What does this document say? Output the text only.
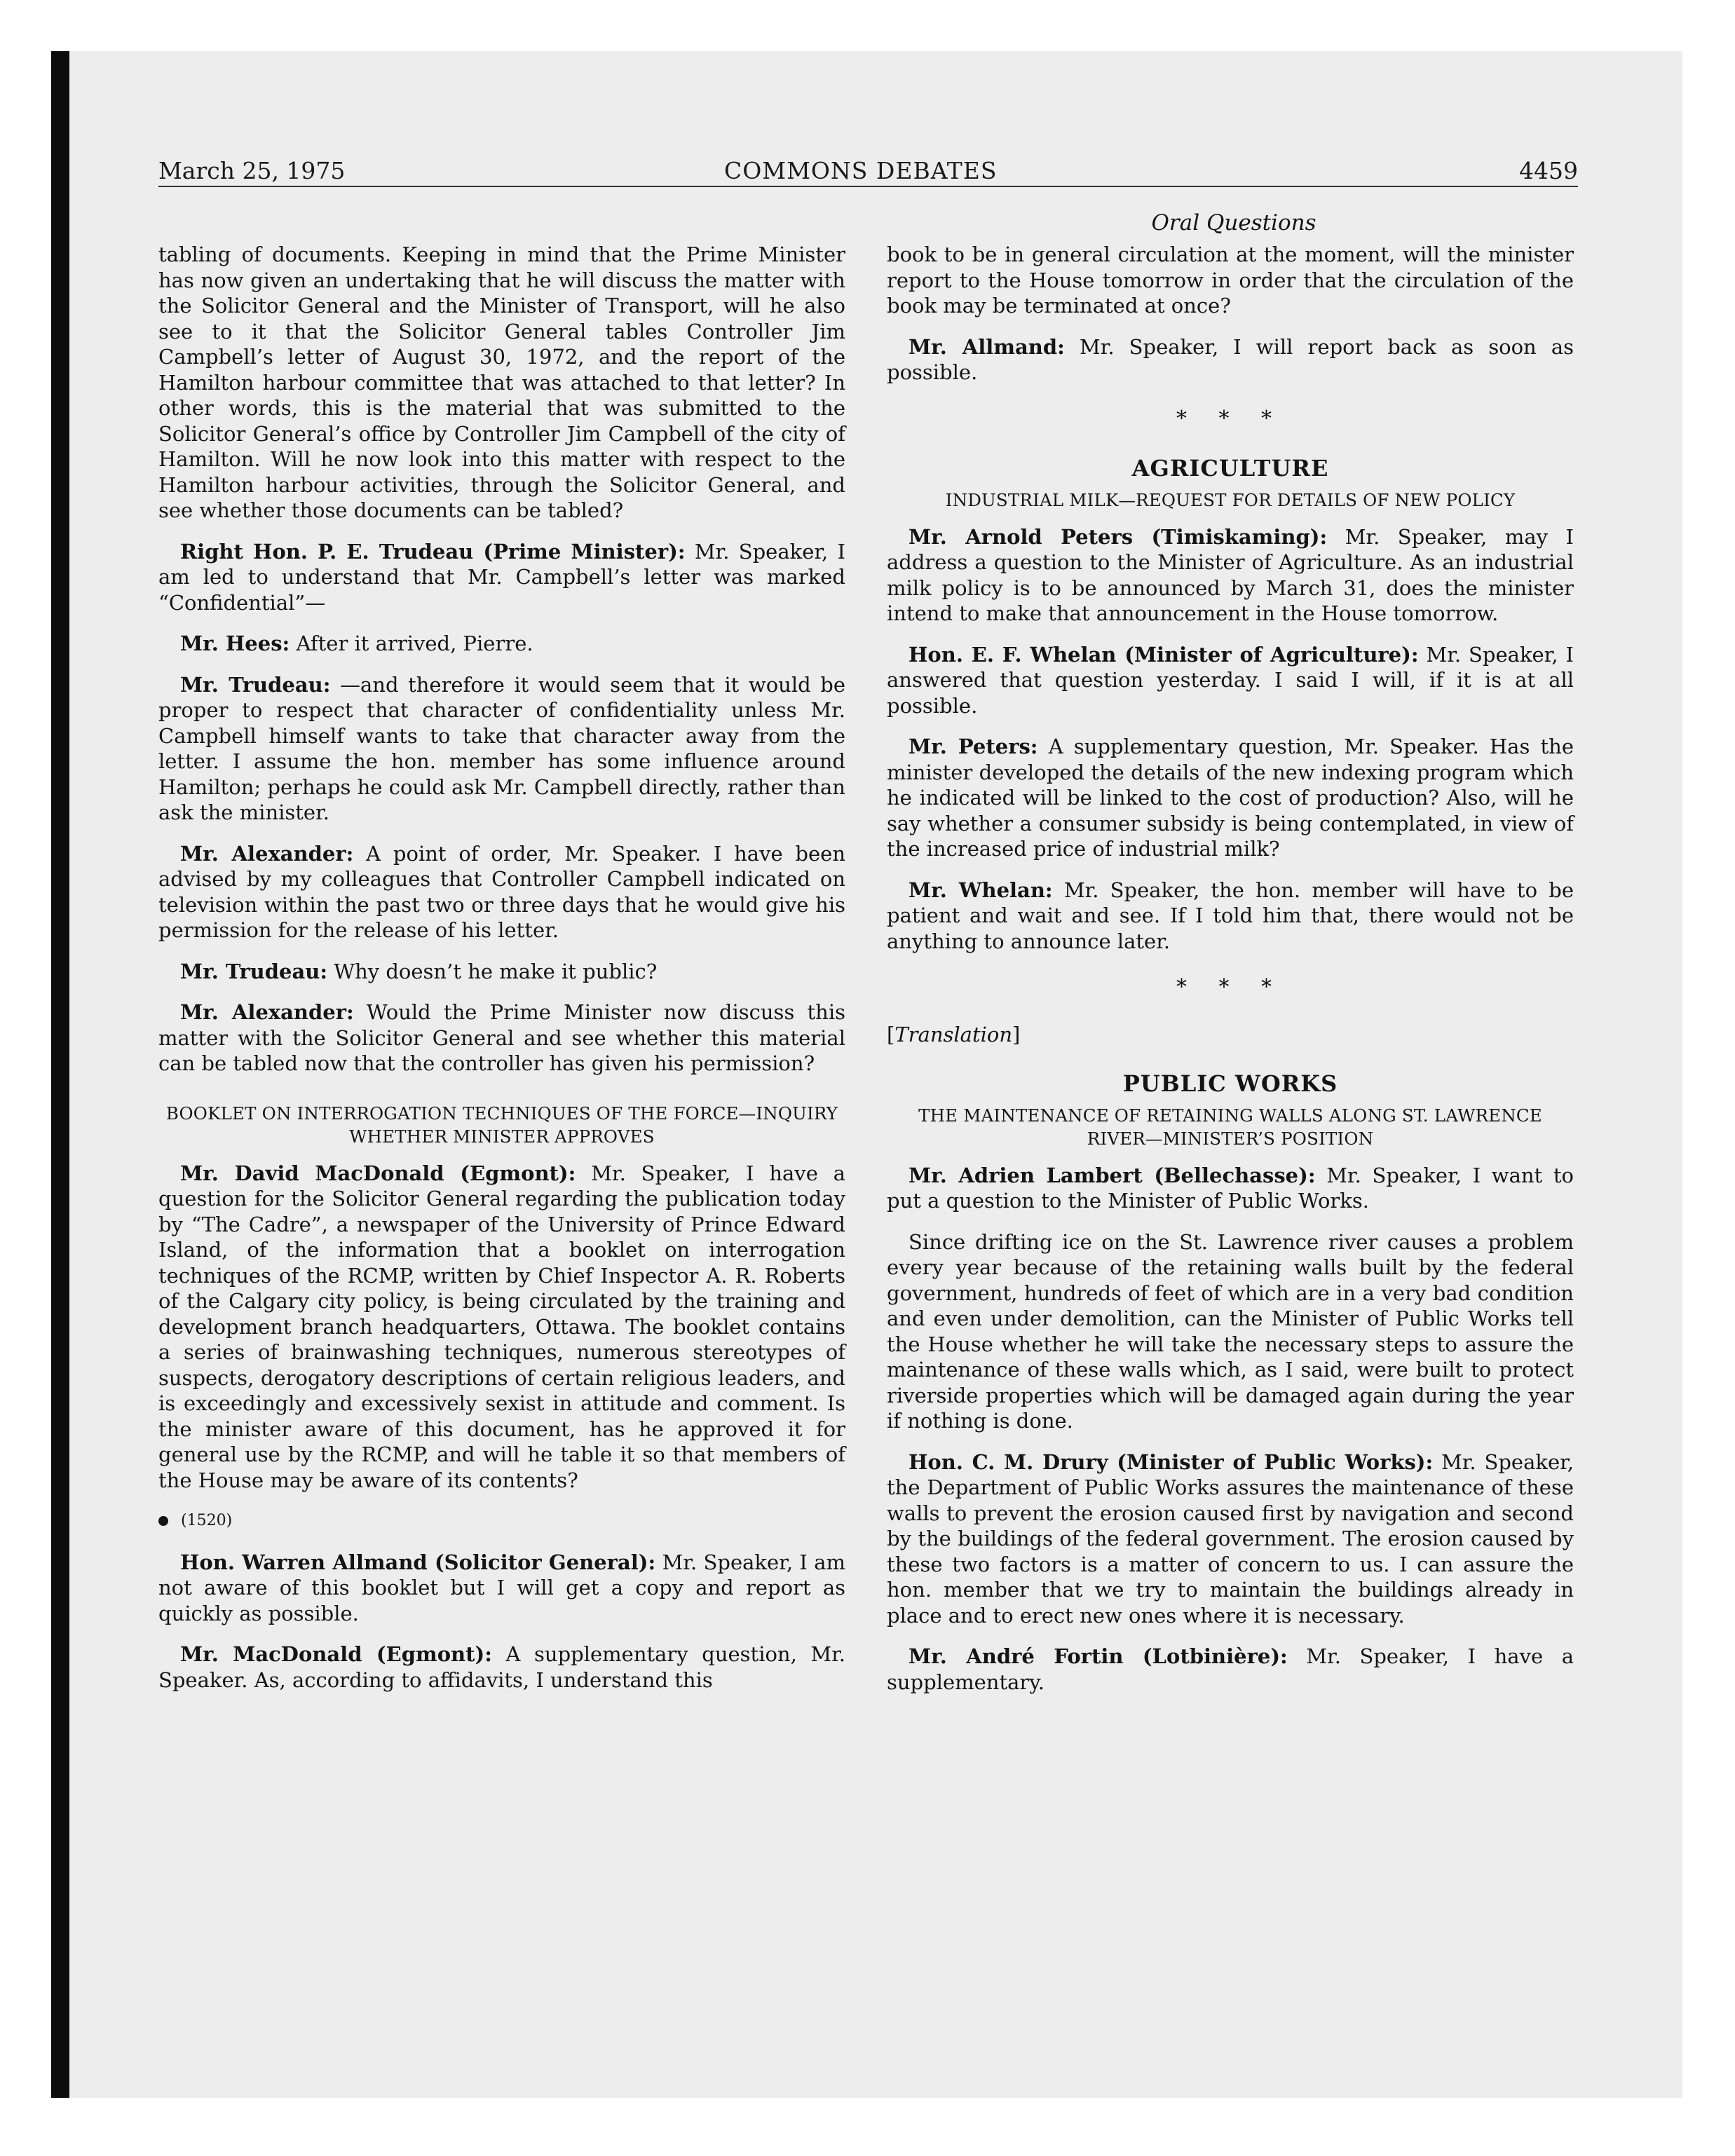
March 25, 1975	COMMONS DEBATES	4459
Oral Questions

tabling of documents. Keeping in mind that the Prime Minister has now given an undertaking that he will discuss the matter with the Solicitor General and the Minister of Transport, will he also see to it that the Solicitor General tables Controller Jim Campbell’s letter of August 30, 1972, and the report of the Hamilton harbour committee that was attached to that letter? In other words, this is the material that was submitted to the Solicitor General’s office by Controller Jim Campbell of the city of Hamilton. Will he now look into this matter with respect to the Hamilton harbour activities, through the Solicitor General, and see whether those documents can be tabled?

Right Hon. P. E. Trudeau (Prime Minister): Mr. Speaker, I am led to understand that Mr. Campbell’s letter was marked “Confidential”—

Mr. Hees: After it arrived, Pierre.

Mr. Trudeau: —and therefore it would seem that it would be proper to respect that character of confidentiality unless Mr. Campbell himself wants to take that character away from the letter. I assume the hon. member has some influence around Hamilton; perhaps he could ask Mr. Campbell directly, rather than ask the minister.

Mr. Alexander: A point of order, Mr. Speaker. I have been advised by my colleagues that Controller Campbell indicated on television within the past two or three days that he would give his permission for the release of his letter.

Mr. Trudeau: Why doesn’t he make it public?

Mr. Alexander: Would the Prime Minister now discuss this matter with the Solicitor General and see whether this material can be tabled now that the controller has given his permission?

BOOKLET ON INTERROGATION TECHNIQUES OF THE FORCE—INQUIRY WHETHER MINISTER APPROVES

Mr. David MacDonald (Egmont): Mr. Speaker, I have a question for the Solicitor General regarding the publication today by “The Cadre”, a newspaper of the University of Prince Edward Island, of the information that a booklet on interrogation techniques of the RCMP, written by Chief Inspector A. R. Roberts of the Calgary city policy, is being circulated by the training and development branch headquarters, Ottawa. The booklet contains a series of brainwashing techniques, numerous stereotypes of suspects, derogatory descriptions of certain religious leaders, and is exceedingly and excessively sexist in attitude and comment. Is the minister aware of this document, has he approved it for general use by the RCMP, and will he table it so that members of the House may be aware of its contents?

(1520)

Hon. Warren Allmand (Solicitor General): Mr. Speaker, I am not aware of this booklet but I will get a copy and report as quickly as possible.

Mr. MacDonald (Egmont): A supplementary question, Mr. Speaker. As, according to affidavits, I understand this

book to be in general circulation at the moment, will the minister report to the House tomorrow in order that the circulation of the book may be terminated at once?

Mr. Allmand: Mr. Speaker, I will report back as soon as possible.

* * *
AGRICULTURE
INDUSTRIAL MILK—REQUEST FOR DETAILS OF NEW POLICY

Mr. Arnold Peters (Timiskaming): Mr. Speaker, may I address a question to the Minister of Agriculture. As an industrial milk policy is to be announced by March 31, does the minister intend to make that announcement in the House tomorrow.

Hon. E. F. Whelan (Minister of Agriculture): Mr. Speaker, I answered that question yesterday. I said I will, if it is at all possible.

Mr. Peters: A supplementary question, Mr. Speaker. Has the minister developed the details of the new indexing program which he indicated will be linked to the cost of production? Also, will he say whether a consumer subsidy is being contemplated, in view of the increased price of industrial milk?

Mr. Whelan: Mr. Speaker, the hon. member will have to be patient and wait and see. If I told him that, there would not be anything to announce later.

* * *

[Translation]

PUBLIC WORKS
THE MAINTENANCE OF RETAINING WALLS ALONG ST. LAWRENCE RIVER—MINISTER’S POSITION

Mr. Adrien Lambert (Bellechasse): Mr. Speaker, I want to put a question to the Minister of Public Works.

Since drifting ice on the St. Lawrence river causes a problem every year because of the retaining walls built by the federal government, hundreds of feet of which are in a very bad condition and even under demolition, can the Minister of Public Works tell the House whether he will take the necessary steps to assure the maintenance of these walls which, as I said, were built to protect riverside properties which will be damaged again during the year if nothing is done.

Hon. C. M. Drury (Minister of Public Works): Mr. Speaker, the Department of Public Works assures the maintenance of these walls to prevent the erosion caused first by navigation and second by the buildings of the federal government. The erosion caused by these two factors is a matter of concern to us. I can assure the hon. member that we try to maintain the buildings already in place and to erect new ones where it is necessary.

Mr. André Fortin (Lotbinière): Mr. Speaker, I have a supplementary.
